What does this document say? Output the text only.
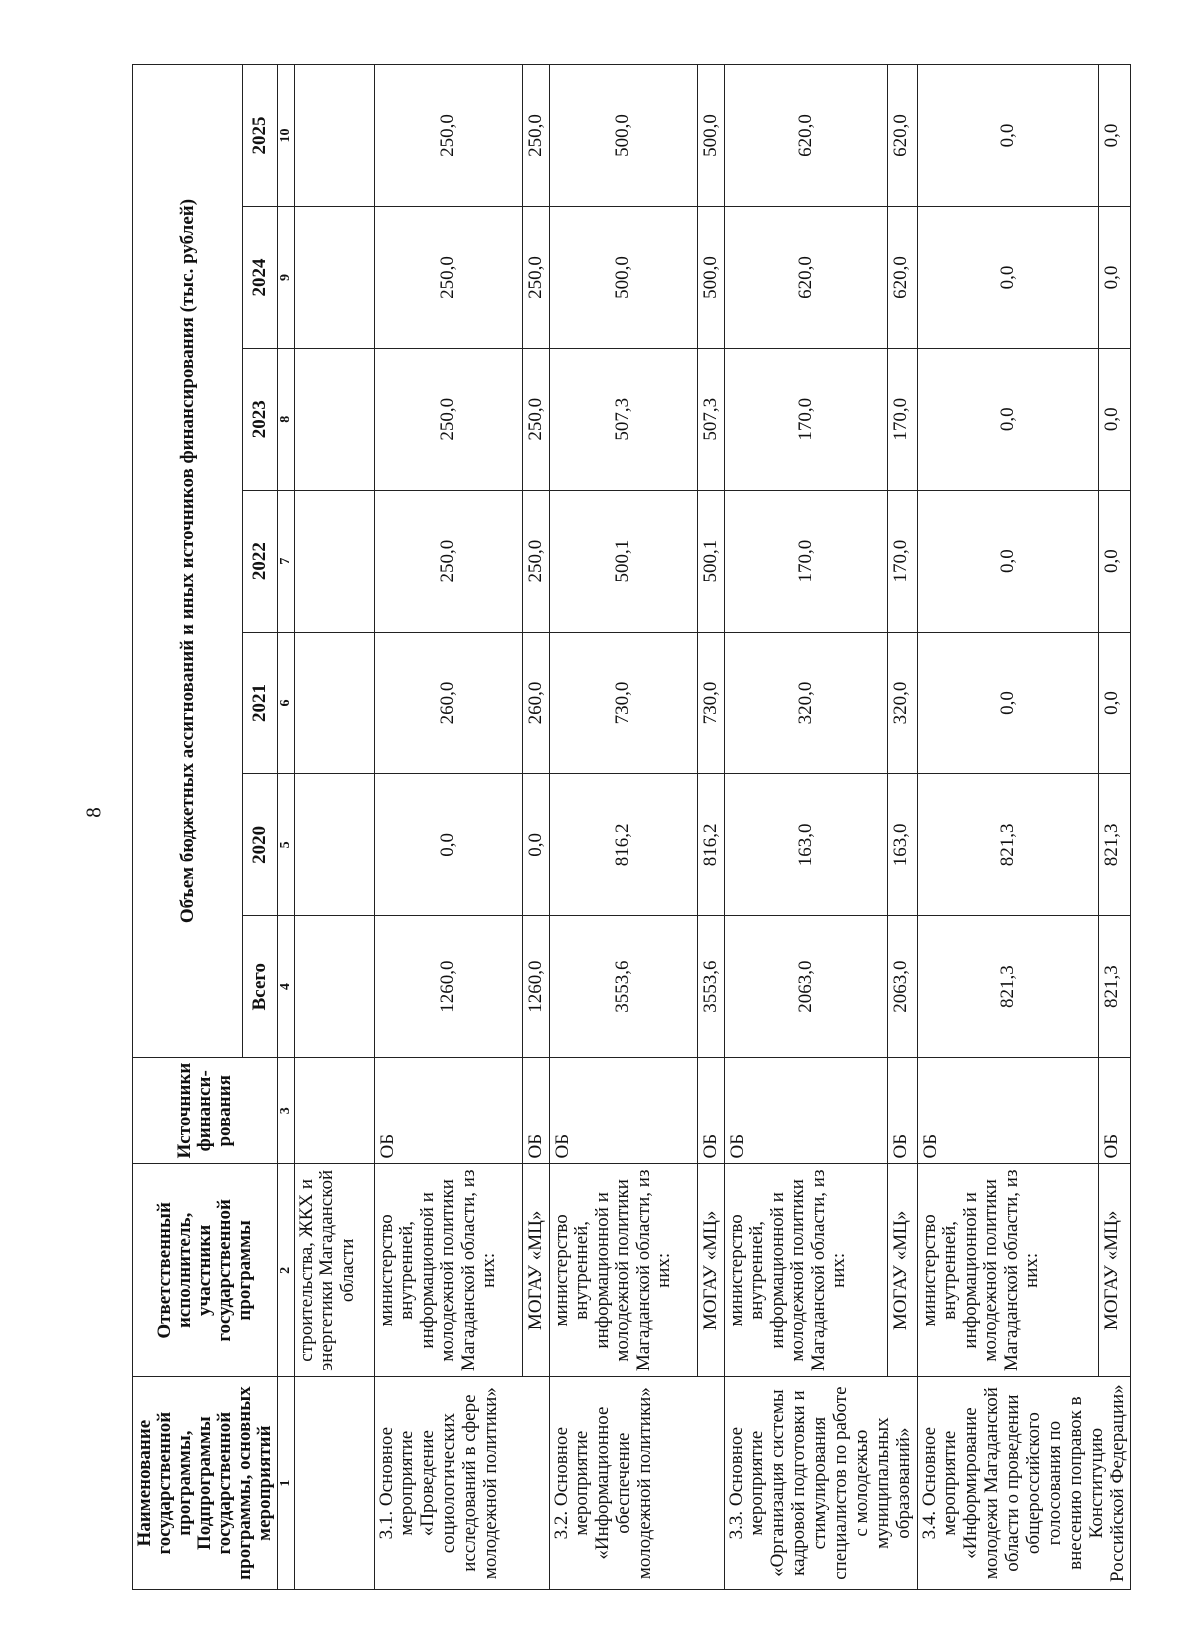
8
Наименование государственной программы, Подпрограммы государственной программы, основных мероприятий	Ответственный исполнитель, участники государственной программы	Источники финанси-рования	Объем бюджетных ассигнований и иных источников финансирования (тыс. рублей)						
			Всего	2020	2021	2022	2023	2024	2025
1	2	3	4	5	6	7	8	9	10
	строительства, ЖКХ и энергетики Магаданской области								
3.1. Основное мероприятие «Проведение социологических исследований в сфере молодежной политики»	министерство внутренней, информационной и молодежной политики Магаданской области, из них:	ОБ	1260,0	0,0	260,0	250,0	250,0	250,0	250,0
	МОГАУ «МЦ»	ОБ	1260,0	0,0	260,0	250,0	250,0	250,0	250,0
3.2. Основное мероприятие «Информационное обеспечение молодежной политики»	министерство внутренней, информационной и молодежной политики Магаданской области, из них:	ОБ	3553,6	816,2	730,0	500,1	507,3	500,0	500,0
	МОГАУ «МЦ»	ОБ	3553,6	816,2	730,0	500,1	507,3	500,0	500,0
3.3. Основное мероприятие «Организация системы кадровой подготовки и стимулирования специалистов по работе с молодежью муниципальных образований»	министерство внутренней, информационной и молодежной политики Магаданской области, из них:	ОБ	2063,0	163,0	320,0	170,0	170,0	620,0	620,0
	МОГАУ «МЦ»	ОБ	2063,0	163,0	320,0	170,0	170,0	620,0	620,0
3.4. Основное мероприятие «Информирование молодежи Магаданской области о проведении общероссийского голосования по внесению поправок в Конституцию Российской Федерации»	министерство внутренней, информационной и молодежной политики Магаданской области, из них:	ОБ	821,3	821,3	0,0	0,0	0,0	0,0	0,0
	МОГАУ «МЦ»	ОБ	821,3	821,3	0,0	0,0	0,0	0,0	0,0
